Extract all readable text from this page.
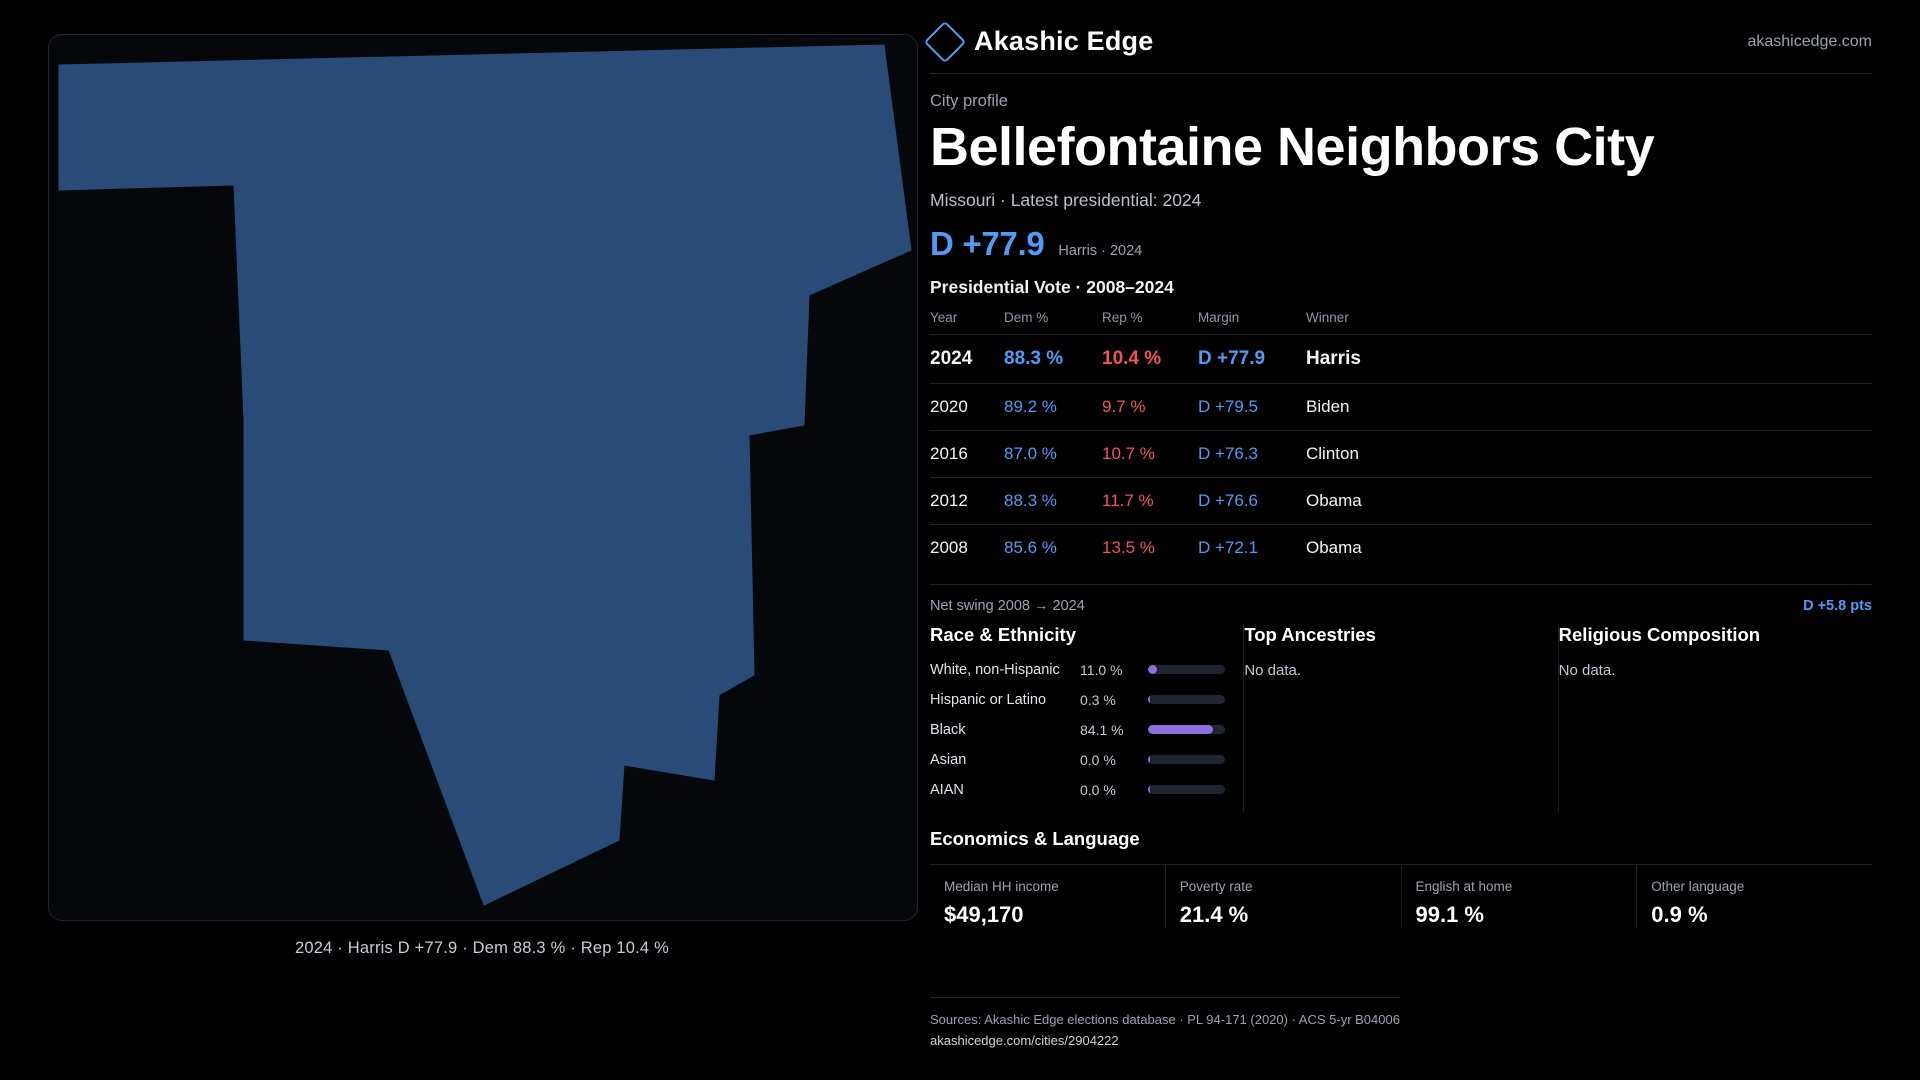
2024 · Harris D +77.9 · Dem 88.3 % · Rep 10.4 %
Akashic Edge	akashicedge.com
City profile
Bellefontaine Neighbors City
Missouri · Latest presidential: 2024
D +77.9 Harris · 2024
Presidential Vote · 2008–2024
Year	Dem %	Rep %	Margin	Winner
2024	88.3 %	10.4 %	D +77.9	Harris
2020	89.2 %	9.7 %	D +79.5	Biden
2016	87.0 %	10.7 %	D +76.3	Clinton
2012	88.3 %	11.7 %	D +76.6	Obama
2008	85.6 %	13.5 %	D +72.1	Obama
Net swing 2008 → 2024	D +5.8 pts
Race & Ethnicity
White, non-Hispanic	11.0 %
Hispanic or Latino	0.3 %
Black	84.1 %
Asian	0.0 %
AIAN	0.0 %
Top Ancestries
No data.
Religious Composition
No data.
Economics & Language
Median HH income
$49,170
Poverty rate
21.4 %
English at home
99.1 %
Other language
0.9 %
Sources: Akashic Edge elections database · PL 94-171 (2020) · ACS 5-yr B04006
akashicedge.com/cities/2904222
